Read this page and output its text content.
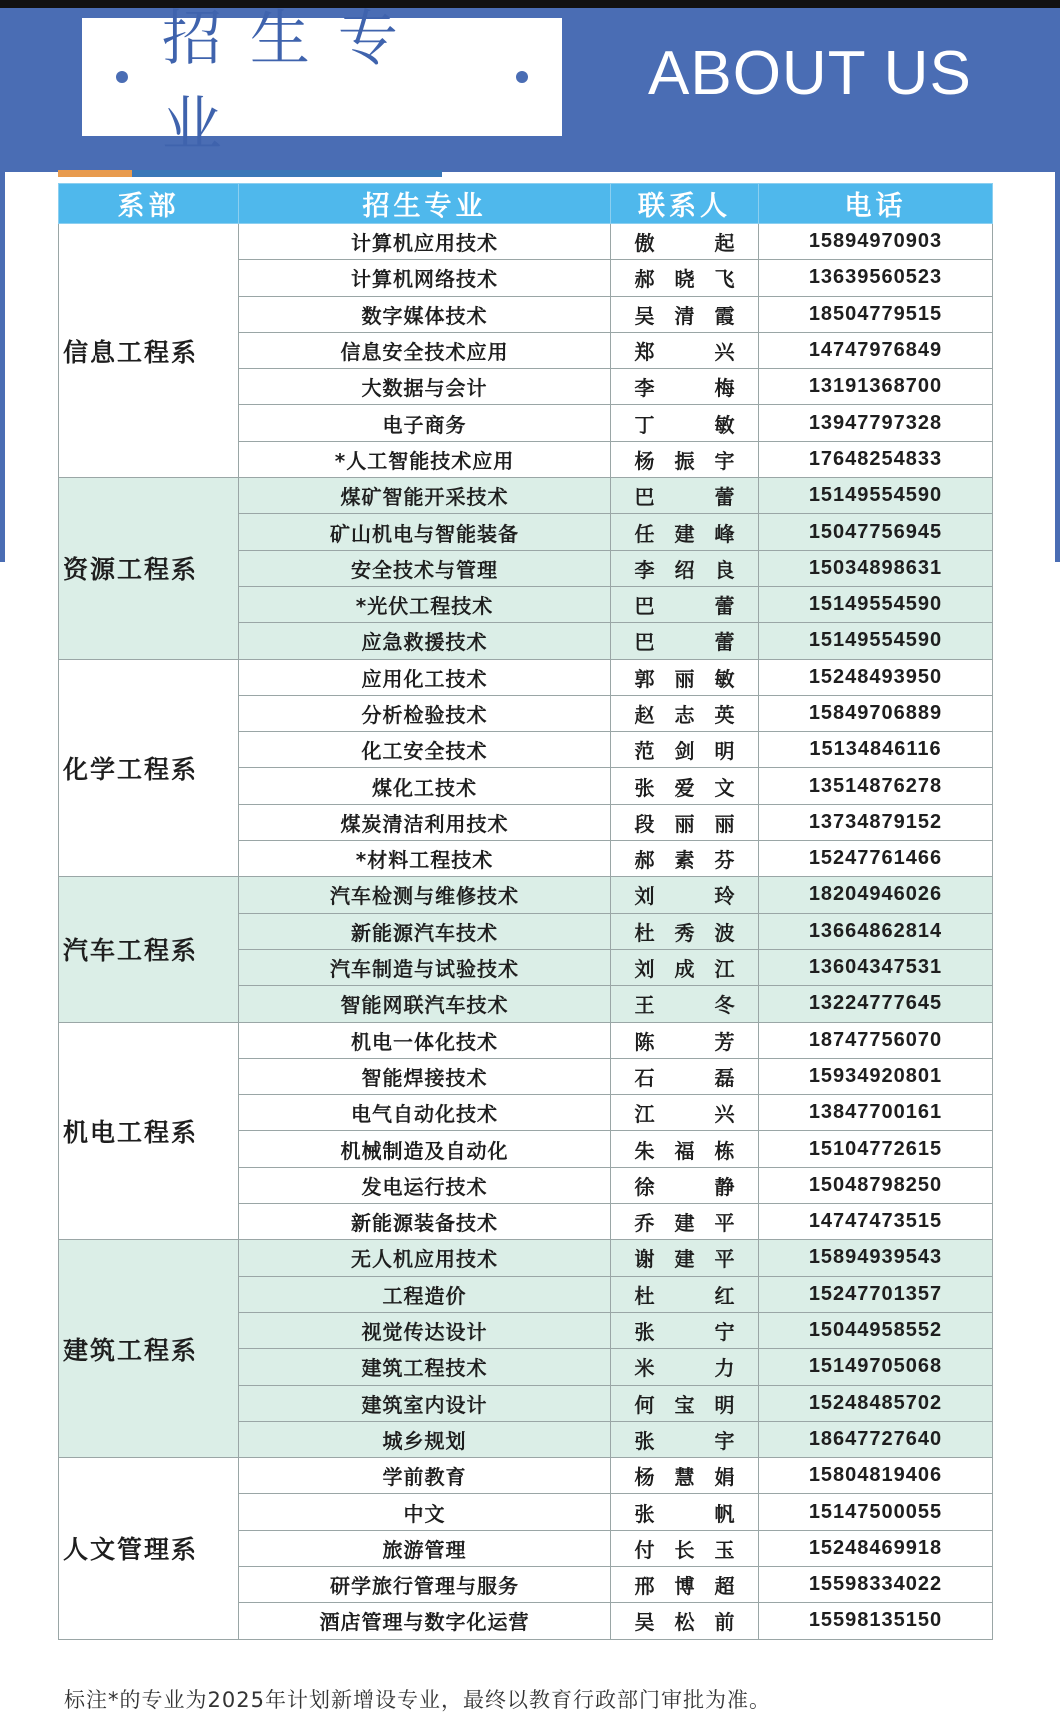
招生专业
ABOUT US
系部	招生专业	联系人	电话
信息工程系	计算机应用技术	傲 起	15894970903
	计算机网络技术	郝晓飞	13639560523
	数字媒体技术	吴清霞	18504779515
	信息安全技术应用	郑 兴	14747976849
	大数据与会计	李 梅	13191368700
	电子商务	丁 敏	13947797328
	*人工智能技术应用	杨振宇	17648254833
资源工程系	煤矿智能开采技术	巴 蕾	15149554590
	矿山机电与智能装备	任建峰	15047756945
	安全技术与管理	李绍良	15034898631
	*光伏工程技术	巴 蕾	15149554590
	应急救援技术	巴 蕾	15149554590
化学工程系	应用化工技术	郭丽敏	15248493950
	分析检验技术	赵志英	15849706889
	化工安全技术	范剑明	15134846116
	煤化工技术	张爱文	13514876278
	煤炭清洁利用技术	段丽丽	13734879152
	*材料工程技术	郝素芬	15247761466
汽车工程系	汽车检测与维修技术	刘 玲	18204946026
	新能源汽车技术	杜秀波	13664862814
	汽车制造与试验技术	刘成江	13604347531
	智能网联汽车技术	王 冬	13224777645
机电工程系	机电一体化技术	陈 芳	18747756070
	智能焊接技术	石 磊	15934920801
	电气自动化技术	江 兴	13847700161
	机械制造及自动化	朱福栋	15104772615
	发电运行技术	徐 静	15048798250
	新能源装备技术	乔建平	14747473515
建筑工程系	无人机应用技术	谢建平	15894939543
	工程造价	杜 红	15247701357
	视觉传达设计	张 宁	15044958552
	建筑工程技术	米 力	15149705068
	建筑室内设计	何宝明	15248485702
	城乡规划	张 宇	18647727640
人文管理系	学前教育	杨慧娟	15804819406
	中文	张 帆	15147500055
	旅游管理	付长玉	15248469918
	研学旅行管理与服务	邢博超	15598334022
	酒店管理与数字化运营	吴松前	15598135150
标注*的专业为2025年计划新增设专业，最终以教育行政部门审批为准。
